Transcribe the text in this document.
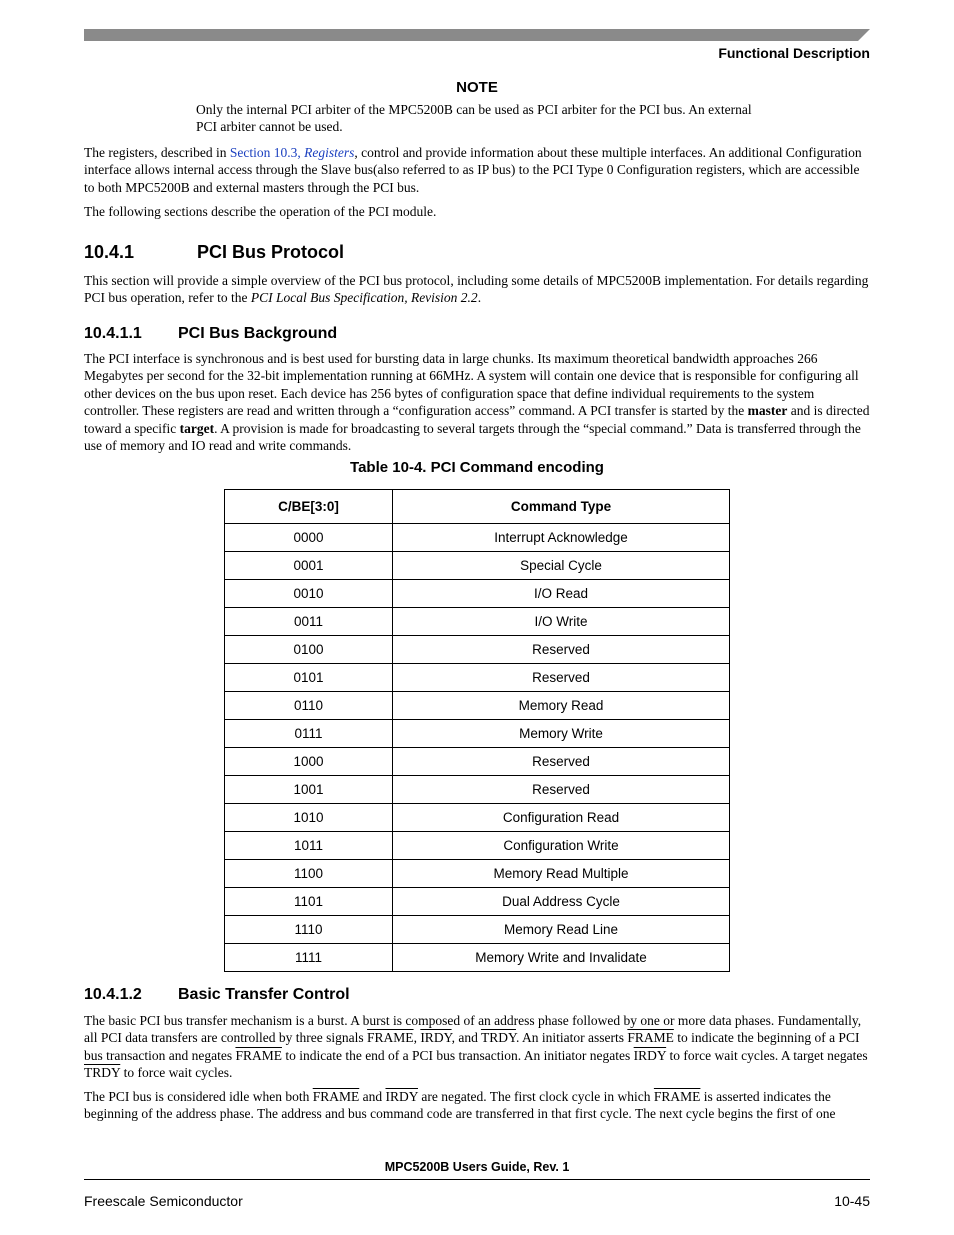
Functional Description
NOTE
Only the internal PCI arbiter of the MPC5200B can be used as PCI arbiter for the PCI bus. An external
PCI arbiter cannot be used.

The registers, described in Section 10.3, Registers, control and provide information about these multiple interfaces. An additional Configuration interface allows internal access through the Slave bus(also referred to as IP bus) to the PCI Type 0 Configuration registers, which are accessible to both MPC5200B and external masters through the PCI bus.

The following sections describe the operation of the PCI module.

10.4.1	PCI Bus Protocol

This section will provide a simple overview of the PCI bus protocol, including some details of MPC5200B implementation. For details regarding PCI bus operation, refer to the PCI Local Bus Specification, Revision 2.2.

10.4.1.1 PCI Bus Background

The PCI interface is synchronous and is best used for bursting data in large chunks. Its maximum theoretical bandwidth approaches 266 Megabytes per second for the 32-bit implementation running at 66MHz. A system will contain one device that is responsible for configuring all other devices on the bus upon reset. Each device has 256 bytes of configuration space that define individual requirements to the system controller. These registers are read and written through a “configuration access” command. A PCI transfer is started by the master and is directed toward a specific target. A provision is made for broadcasting to several targets through the “special command.” Data is transferred through the use of memory and IO read and write commands.

Table 10-4. PCI Command encoding
C/BE[3:0]	Command Type
0000	Interrupt Acknowledge
0001	Special Cycle
0010	I/O Read
0011	I/O Write
0100	Reserved
0101	Reserved
0110	Memory Read
0111	Memory Write
1000	Reserved
1001	Reserved
1010	Configuration Read
1011	Configuration Write
1100	Memory Read Multiple
1101	Dual Address Cycle
1110	Memory Read Line
1111	Memory Write and Invalidate
10.4.1.2 Basic Transfer Control

The basic PCI bus transfer mechanism is a burst. A burst is composed of an address phase followed by one or more data phases. Fundamentally, all PCI data transfers are controlled by three signals FRAME, IRDY, and TRDY. An initiator asserts FRAME to indicate the beginning of a PCI bus transaction and negates FRAME to indicate the end of a PCI bus transaction. An initiator negates IRDY to force wait cycles. A target negates TRDY to force wait cycles.

The PCI bus is considered idle when both FRAME and IRDY are negated. The first clock cycle in which FRAME is asserted indicates the beginning of the address phase. The address and bus command code are transferred in that first cycle. The next cycle begins the first of one

MPC5200B Users Guide, Rev. 1
Freescale Semiconductor	10-45
